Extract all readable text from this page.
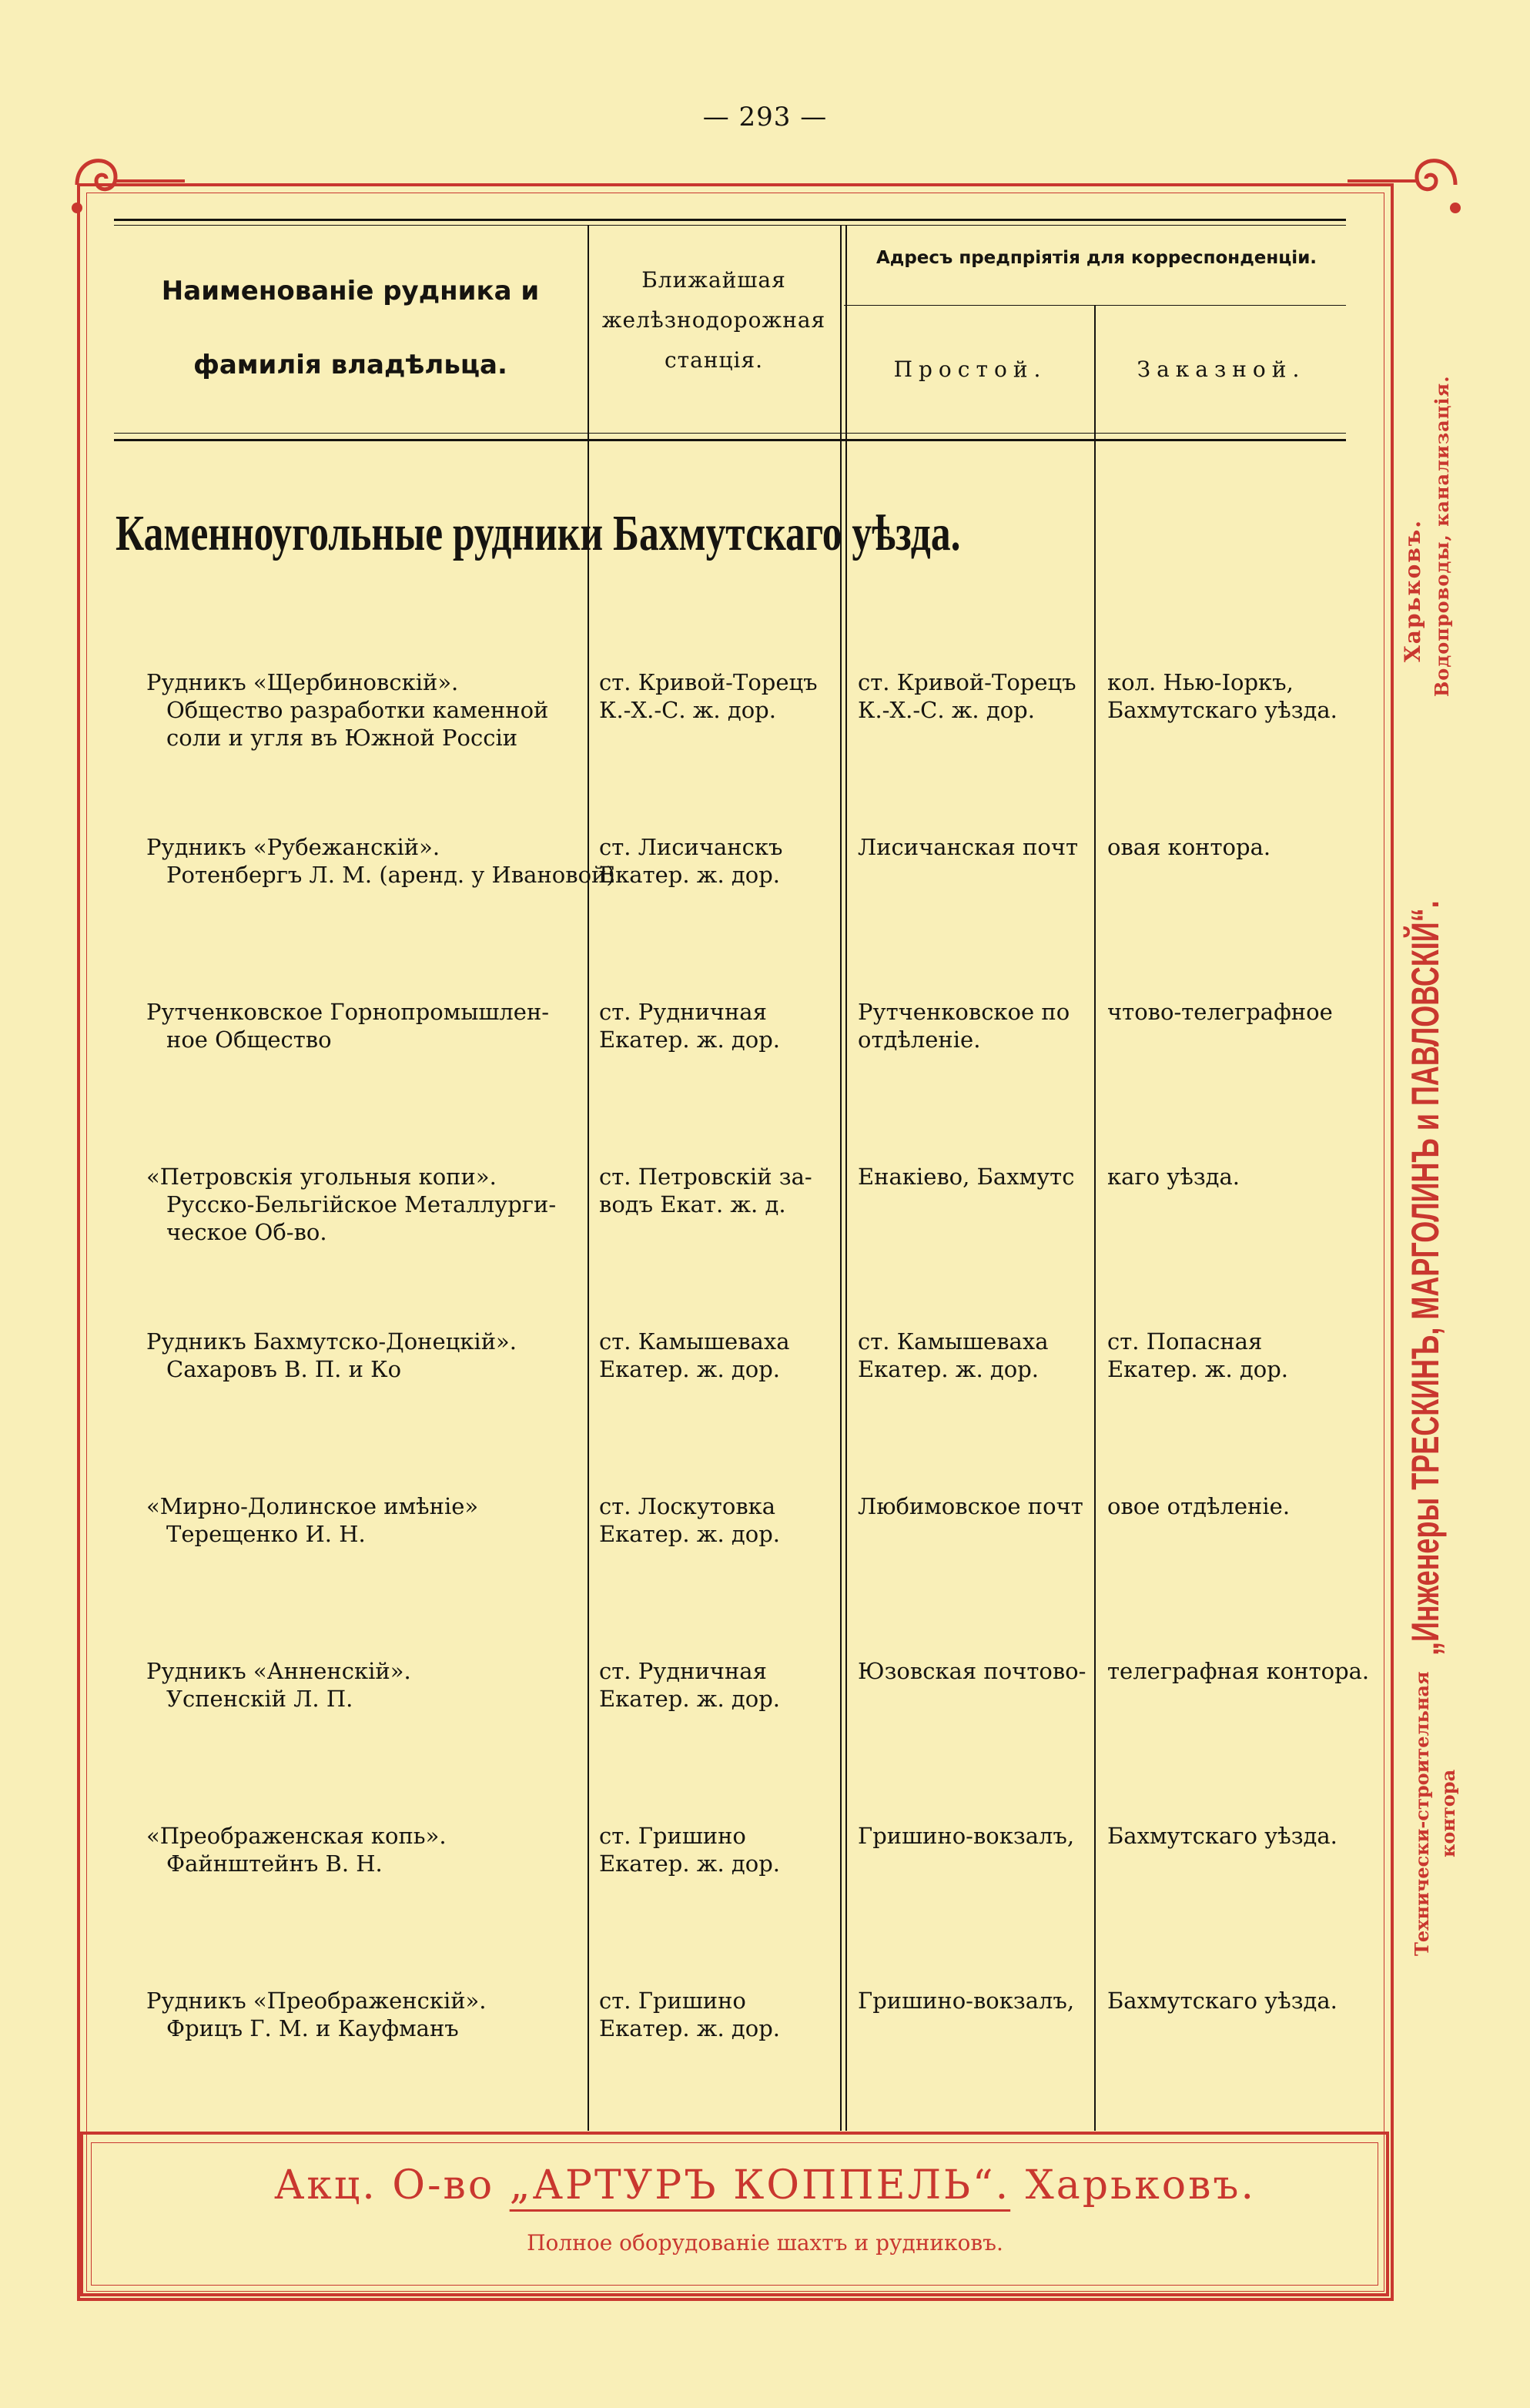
— 293 —
Наименованіе рудника и
фамилія владѣльца.
Ближайшая
желѣзнодорожная
станція.
Адресъ предпріятія для корреспонденціи.
Простой.	Заказной.
Каменноугольные рудники Бахмутскаго уѣзда.
Рудникъ «Щербиновскій».
Общество разработки каменной
соли и угля въ Южной Россіи
ст. Кривой-Торецъ
К.-Х.-С. ж. дор.
ст. Кривой-Торецъ
К.-Х.-С. ж. дор.
кол. Нью-Іоркъ,
Бахмутскаго уѣзда.
Рудникъ «Рубежанскій».
Ротенбергъ Л. М. (аренд. у Ивановой)
ст. Лисичанскъ
Екатер. ж. дор.
Лисичанская почт овая контора.
Рутченковское Горнопромышлен-
ное Общество
ст. Рудничная
Екатер. ж. дор.
Рутченковское по
отдѣленіе.
чтово-телеграфное
«Петровскія угольныя копи».
Русско-Бельгійское Металлурги-
ческое Об-во.
ст. Петровскій за-
водъ Екат. ж. д.
Енакіево, Бахмутс каго уѣзда.
Рудникъ Бахмутско-Донецкій».
Сахаровъ В. П. и Ко
ст. Камышеваха
Екатер. ж. дор.
ст. Камышеваха
Екатер. ж. дор.
ст. Попасная
Екатер. ж. дор.
«Мирно-Долинское имѣніе»
Терещенко И. Н.
ст. Лоскутовка
Екатер. ж. дор.
Любимовское почт овое отдѣленіе.
Рудникъ «Анненскій».
Успенскій Л. П.
ст. Рудничная
Екатер. ж. дор.
Юзовская почтово- телеграфная контора.
«Преображенская копь».
Файнштейнъ В. Н.
ст. Гришино
Екатер. ж. дор.
Гришино-вокзалъ, Бахмутскаго уѣзда.
Рудникъ «Преображенскій».
Фрицъ Г. М. и Кауфманъ
ст. Гришино
Екатер. ж. дор.
Гришино-вокзалъ, Бахмутскаго уѣзда.
Акц. О-во „АРТУРЪ КОППЕЛЬ“. Харьковъ.
Полное оборудованіе шахтъ и рудниковъ.
„Инженеры ТРЕСКИНЪ, МАРГОЛИНЪ и ПАВЛОВСКІЙ“.
Харьковъ. Водопроводы, канализація.
Технически-строительная контора
